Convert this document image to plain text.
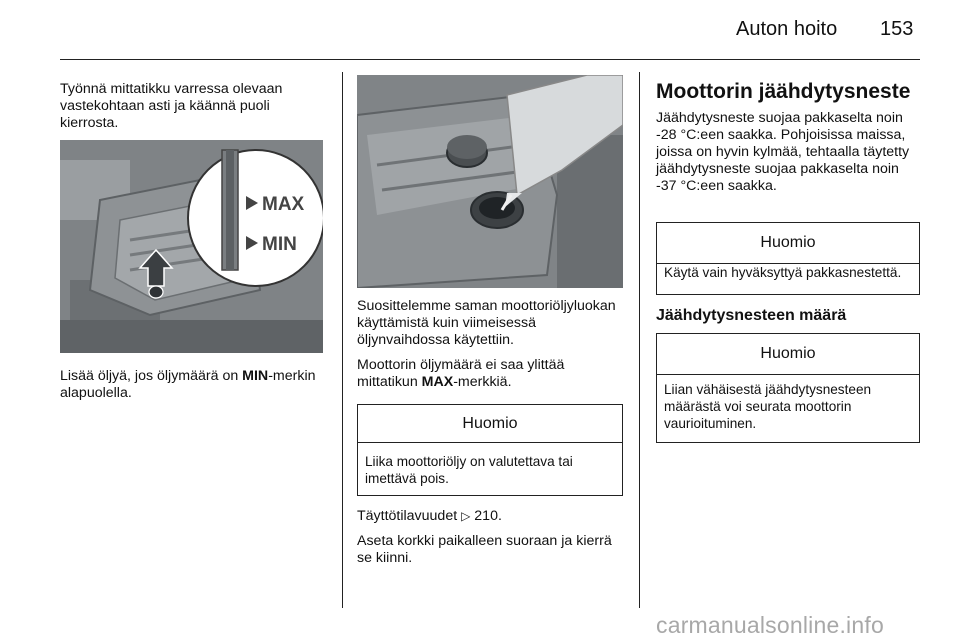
Auton hoito 153

Työnnä mittatikku varressa olevaan vastekohtaan asti ja käännä puoli kierrosta.

MAX
MIN

Lisää öljyä, jos öljymäärä on MIN-merkin alapuolella.

Suosittelemme saman moottoriöljyluokan käyttämistä kuin viimeisessä öljynvaihdossa käytettiin.

Moottorin öljymäärä ei saa ylittää mittatikun MAX-merkkiä.

Huomio
Liika moottoriöljy on valutettava tai imettävä pois.

Täyttötilavuudet ▷ 210.

Aseta korkki paikalleen suoraan ja kierrä se kiinni.

Moottorin jäähdytysneste

Jäähdytysneste suojaa pakkaselta noin -28 °C:een saakka. Pohjoisissa maissa, joissa on hyvin kylmää, tehtaalla täytetty jäähdytysneste suojaa pakkaselta noin -37 °C:een saakka.

Huomio
Käytä vain hyväksyttyä pakkasnestettä.
Jäähdytysnesteen määrä
Huomio
Liian vähäisestä jäähdytysnesteen määrästä voi seurata moottorin vaurioituminen.
carmanualsonline.info
